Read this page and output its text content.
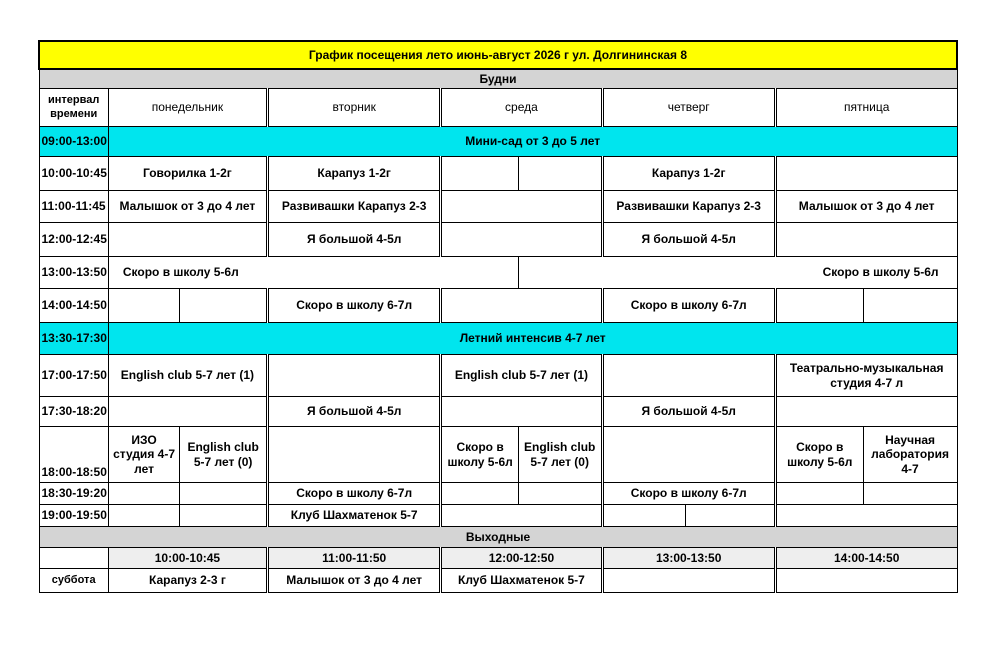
График посещения лето июнь-август 2026 г ул. Долгининская 8									
Будни									
интервал времени	понедельник		вторник	среда		четверг		пятница	
09:00-13:00	Мини-сад от 3 до 5 лет								
10:00-10:45	Говорилка 1-2г		Карапуз 1-2г			Карапуз 1-2г			
11:00-11:45	Малышок от 3 до 4 лет		Развивашки Карапуз 2-3			Развивашки Карапуз 2-3		Малышок от 3 до 4 лет	
12:00-12:45			Я большой 4-5л			Я большой 4-5л			
13:00-13:50	Скоро в школу 5-6л				Скоро в школу 5-6л				
14:00-14:50			Скоро в школу 6-7л			Скоро в школу 6-7л			
13:30-17:30	Летний интенсив 4-7 лет								
17:00-17:50	English club 5-7 лет (1)			English club 5-7 лет (1)				Театрально-музыкальная студия 4-7 л	
17:30-18:20			Я большой 4-5л			Я большой 4-5л			
18:00-18:50	ИЗО студия 4-7 лет	English club 5-7 лет (0)		Скоро в школу 5-6л	English club 5-7 лет (0)			Скоро в школу 5-6л	Научная лаборатория 4-7
18:30-19:20			Скоро в школу 6-7л			Скоро в школу 6-7л			
19:00-19:50			Клуб Шахматенок 5-7						
Выходные									
	10:00-10:45		11:00-11:50	12:00-12:50		13:00-13:50		14:00-14:50	
суббота	Карапуз 2-3 г		Малышок от 3 до 4 лет	Клуб Шахматенок 5-7					
